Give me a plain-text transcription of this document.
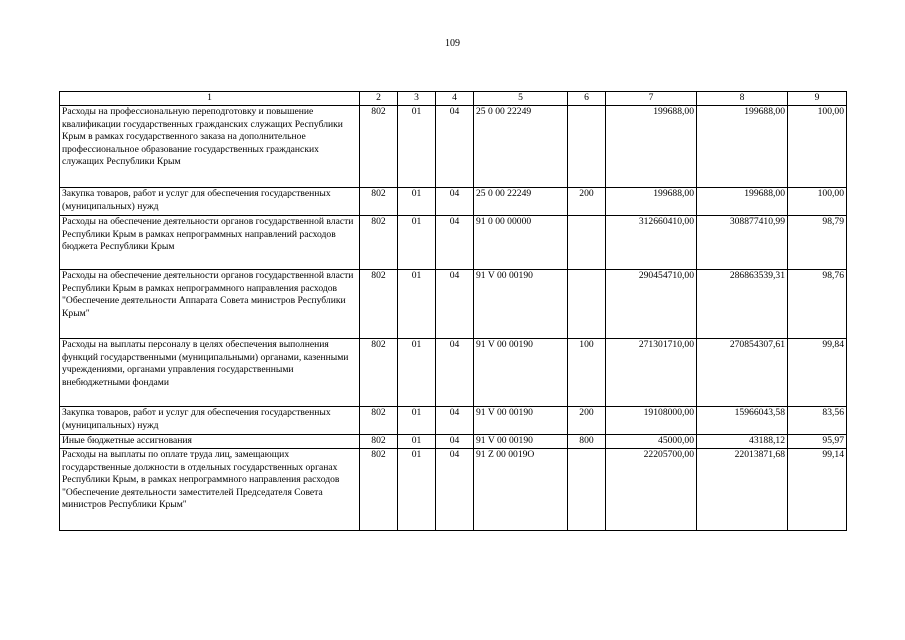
109
1	2	3	4	5	6	7	8	9
Расходы на профессиональную переподготовку и повышение квалификации государственных гражданских служащих Республики Крым в рамках государственного заказа на дополнительное профессиональное образование государственных гражданских служащих Республики Крым	802	01	04	25 0 00 22249		199688,00	199688,00	100,00
Закупка товаров, работ и услуг для обеспечения государственных (муниципальных) нужд	802	01	04	25 0 00 22249	200	199688,00	199688,00	100,00
Расходы на обеспечение деятельности органов государственной власти Республики Крым в рамках непрограммных направлений расходов бюджета Республики Крым	802	01	04	91 0 00 00000		312660410,00	308877410,99	98,79
Расходы на обеспечение деятельности органов государственной власти Республики Крым в рамках непрограммного направления расходов "Обеспечение деятельности Аппарата Совета министров Республики Крым"	802	01	04	91 V 00 00190		290454710,00	286863539,31	98,76
Расходы на выплаты персоналу в целях обеспечения выполнения функций государственными (муниципальными) органами, казенными учреждениями, органами управления государственными внебюджетными фондами	802	01	04	91 V 00 00190	100	271301710,00	270854307,61	99,84
Закупка товаров, работ и услуг для обеспечения государственных (муниципальных) нужд	802	01	04	91 V 00 00190	200	19108000,00	15966043,58	83,56
Иные бюджетные ассигнования	802	01	04	91 V 00 00190	800	45000,00	43188,12	95,97
Расходы на выплаты по оплате труда лиц, замещающих государственные должности в отдельных государственных органах Республики Крым, в рамках непрограммного направления расходов "Обеспечение деятельности заместителей Председателя Совета министров Республики Крым"	802	01	04	91 Z 00 0019O		22205700,00	22013871,68	99,14
